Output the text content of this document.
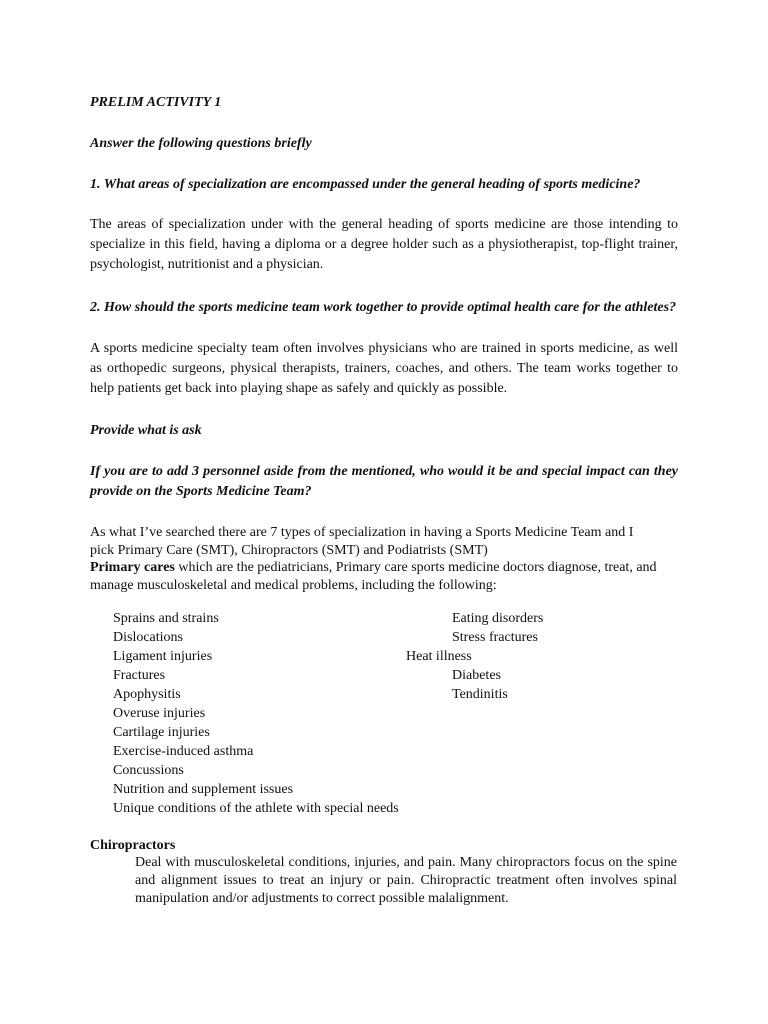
PRELIM ACTIVITY 1

Answer the following questions briefly

1. What areas of specialization are encompassed under the general heading of sports medicine?

The areas of specialization under with the general heading of sports medicine are those intending to specialize in this field, having a diploma or a degree holder such as a physiotherapist, top-flight trainer, psychologist, nutritionist and a physician.

2. How should the sports medicine team work together to provide optimal health care for the athletes?

A sports medicine specialty team often involves physicians who are trained in sports medicine, as well as orthopedic surgeons, physical therapists, trainers, coaches, and others. The team works together to help patients get back into playing shape as safely and quickly as possible.

Provide what is ask

If you are to add 3 personnel aside from the mentioned, who would it be and special impact can they provide on the Sports Medicine Team?

As what I’ve searched there are 7 types of specialization in having a Sports Medicine Team and I

pick Primary Care (SMT), Chiropractors (SMT) and Podiatrists (SMT)

Primary cares which are the pediatricians, Primary care sports medicine doctors diagnose, treat, and manage musculoskeletal and medical problems, including the following:

Sprains and strains
Dislocations
Ligament injuries
Fractures
Apophysitis
Overuse injuries
Cartilage injuries
Exercise-induced asthma
Concussions
Nutrition and supplement issues
Unique conditions of the athlete with special needs
Eating disorders
Stress fractures
Heat illness
Diabetes
Tendinitis

Chiropractors

Deal with musculoskeletal conditions, injuries, and pain. Many chiropractors focus on the spine and alignment issues to treat an injury or pain. Chiropractic treatment often involves spinal manipulation and/or adjustments to correct possible malalignment.
